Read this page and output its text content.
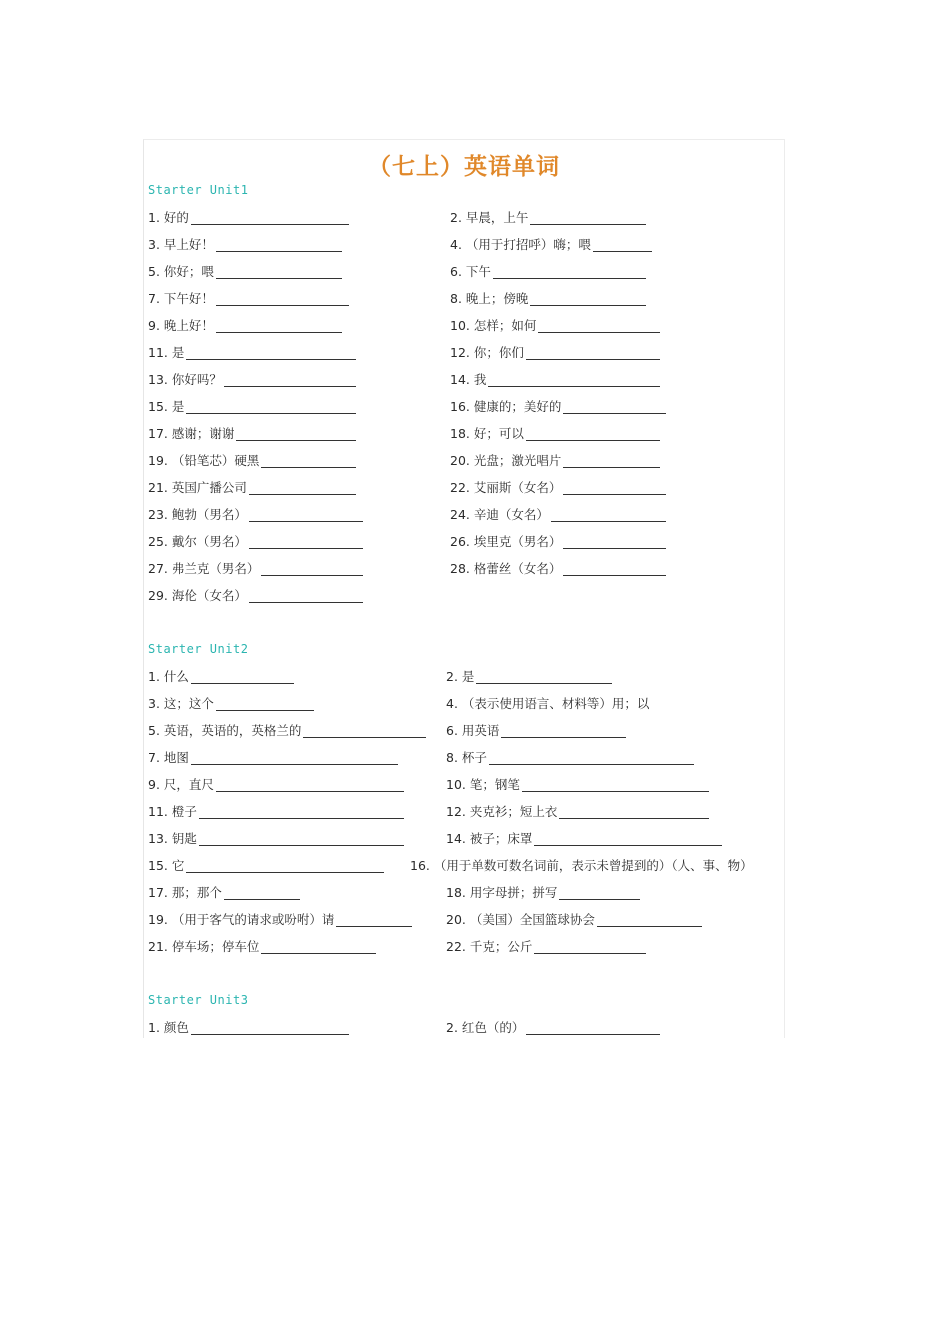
（七上）英语单词
Starter Unit1
Starter Unit2
Starter Unit3
1. 好的	2. 早晨，上午
3. 早上好！	4. （用于打招呼）嗨；喂
5. 你好；喂	6. 下午
7. 下午好！	8. 晚上；傍晚
9. 晚上好！	10. 怎样；如何
11. 是	12. 你；你们
13. 你好吗？	14. 我
15. 是	16. 健康的；美好的
17. 感谢；谢谢	18. 好；可以
19. （铅笔芯）硬黑	20. 光盘；激光唱片
21. 英国广播公司	22. 艾丽斯（女名）
23. 鲍勃（男名）	24. 辛迪（女名）
25. 戴尔（男名）	26. 埃里克（男名）
27. 弗兰克（男名）	28. 格蕾丝（女名）
29. 海伦（女名）
1. 什么	2. 是
3. 这；这个	4. （表示使用语言、材料等）用；以
5. 英语，英语的，英格兰的	6. 用英语
7. 地图	8. 杯子
9. 尺，直尺	10. 笔；钢笔
11. 橙子	12. 夹克衫；短上衣
13. 钥匙	14. 被子；床罩
15. 它	16. （用于单数可数名词前，表示未曾提到的）（人、事、物）
17. 那；那个	18. 用字母拼；拼写
19. （用于客气的请求或吩咐）请	20. （美国）全国篮球协会
21. 停车场；停车位	22. 千克；公斤
1. 颜色	2. 红色（的）
